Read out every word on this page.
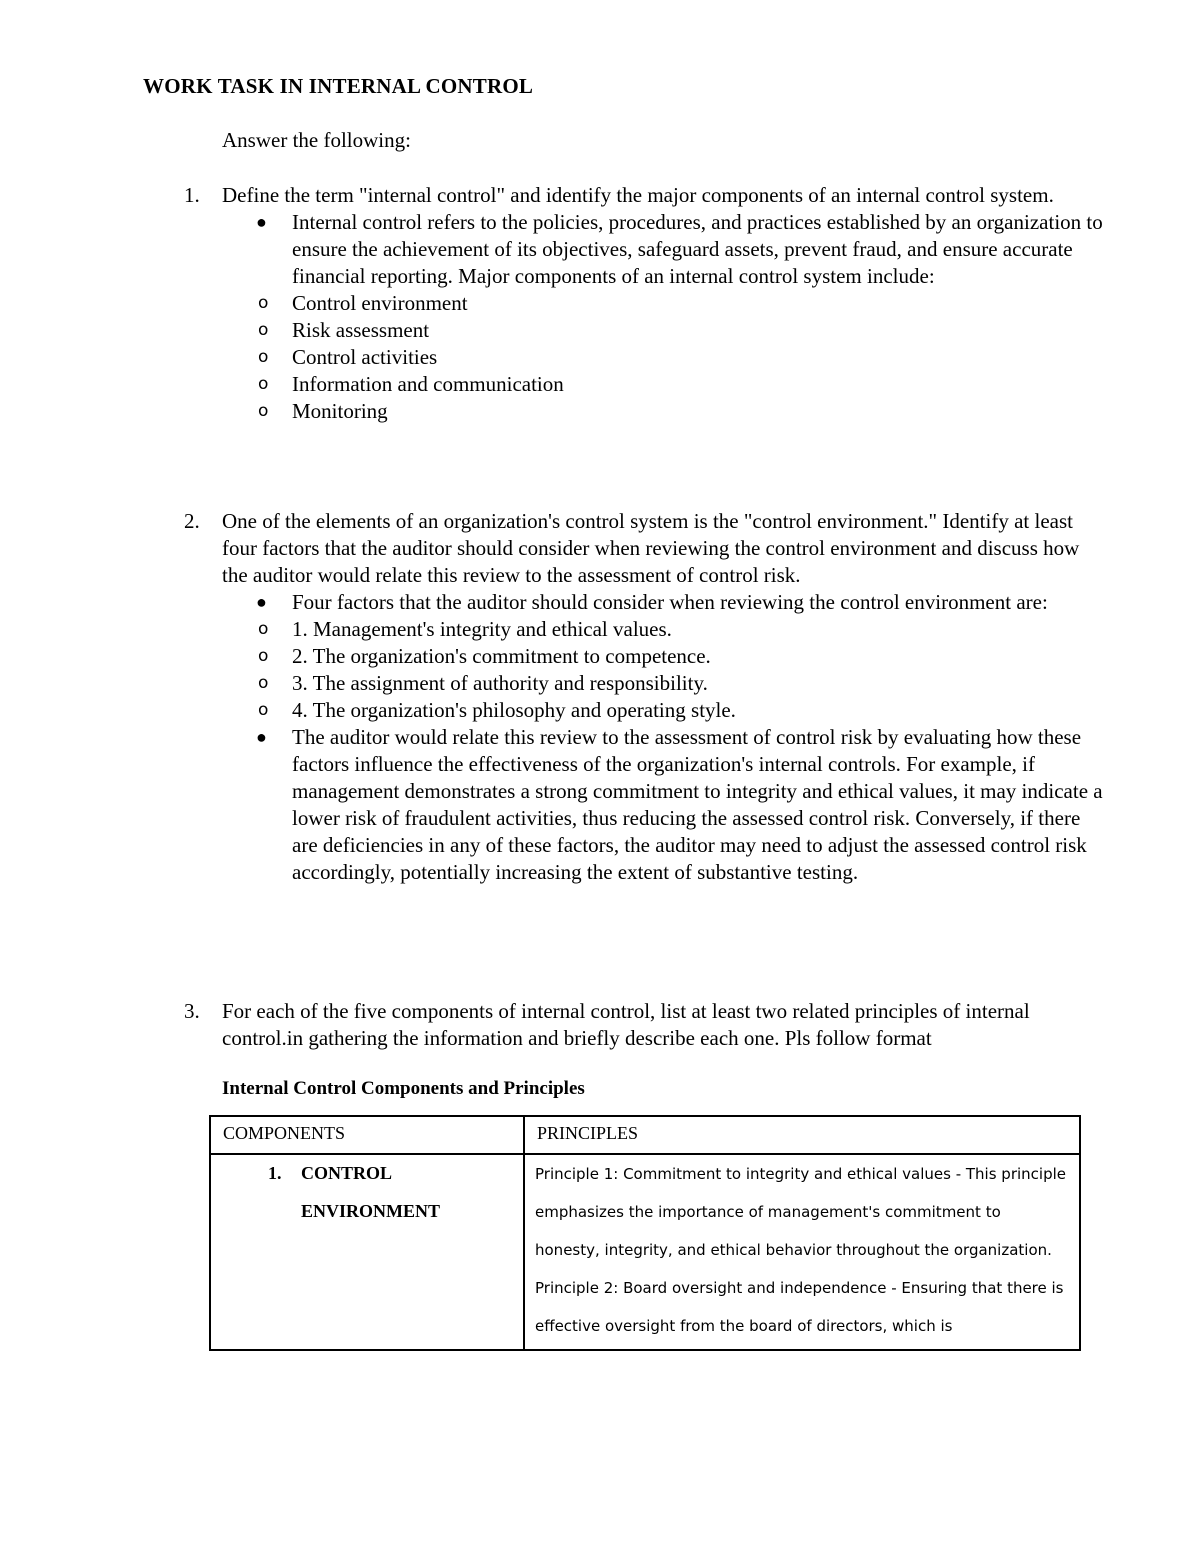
WORK TASK IN INTERNAL CONTROL
Answer the following:
1.	Define the term "internal control" and identify the major components of an internal control system.
● Internal control refers to the policies, procedures, and practices established by an organization to ensure the achievement of its objectives, safeguard assets, prevent fraud, and ensure accurate financial reporting. Major components of an internal control system include:
o Control environment
o Risk assessment
o Control activities
o Information and communication
o Monitoring
2.	One of the elements of an organization's control system is the "control environment." Identify at least four factors that the auditor should consider when reviewing the control environment and discuss how the auditor would relate this review to the assessment of control risk.
● Four factors that the auditor should consider when reviewing the control environment are:
o 1. Management's integrity and ethical values.
o 2. The organization's commitment to competence.
o 3. The assignment of authority and responsibility.
o 4. The organization's philosophy and operating style.
● The auditor would relate this review to the assessment of control risk by evaluating how these factors influence the effectiveness of the organization's internal controls. For example, if management demonstrates a strong commitment to integrity and ethical values, it may indicate a lower risk of fraudulent activities, thus reducing the assessed control risk. Conversely, if there are deficiencies in any of these factors, the auditor may need to adjust the assessed control risk accordingly, potentially increasing the extent of substantive testing.
3.	For each of the five components of internal control, list at least two related principles of internal control.in gathering the information and briefly describe each one. Pls follow format
Internal Control Components and Principles
COMPONENTS	PRINCIPLES
1. CONTROL ENVIRONMENT	Principle 1: Commitment to integrity and ethical values - This principle emphasizes the importance of management's commitment to honesty, integrity, and ethical behavior throughout the organization.
Principle 2: Board oversight and independence - Ensuring that there is effective oversight from the board of directors, which is
